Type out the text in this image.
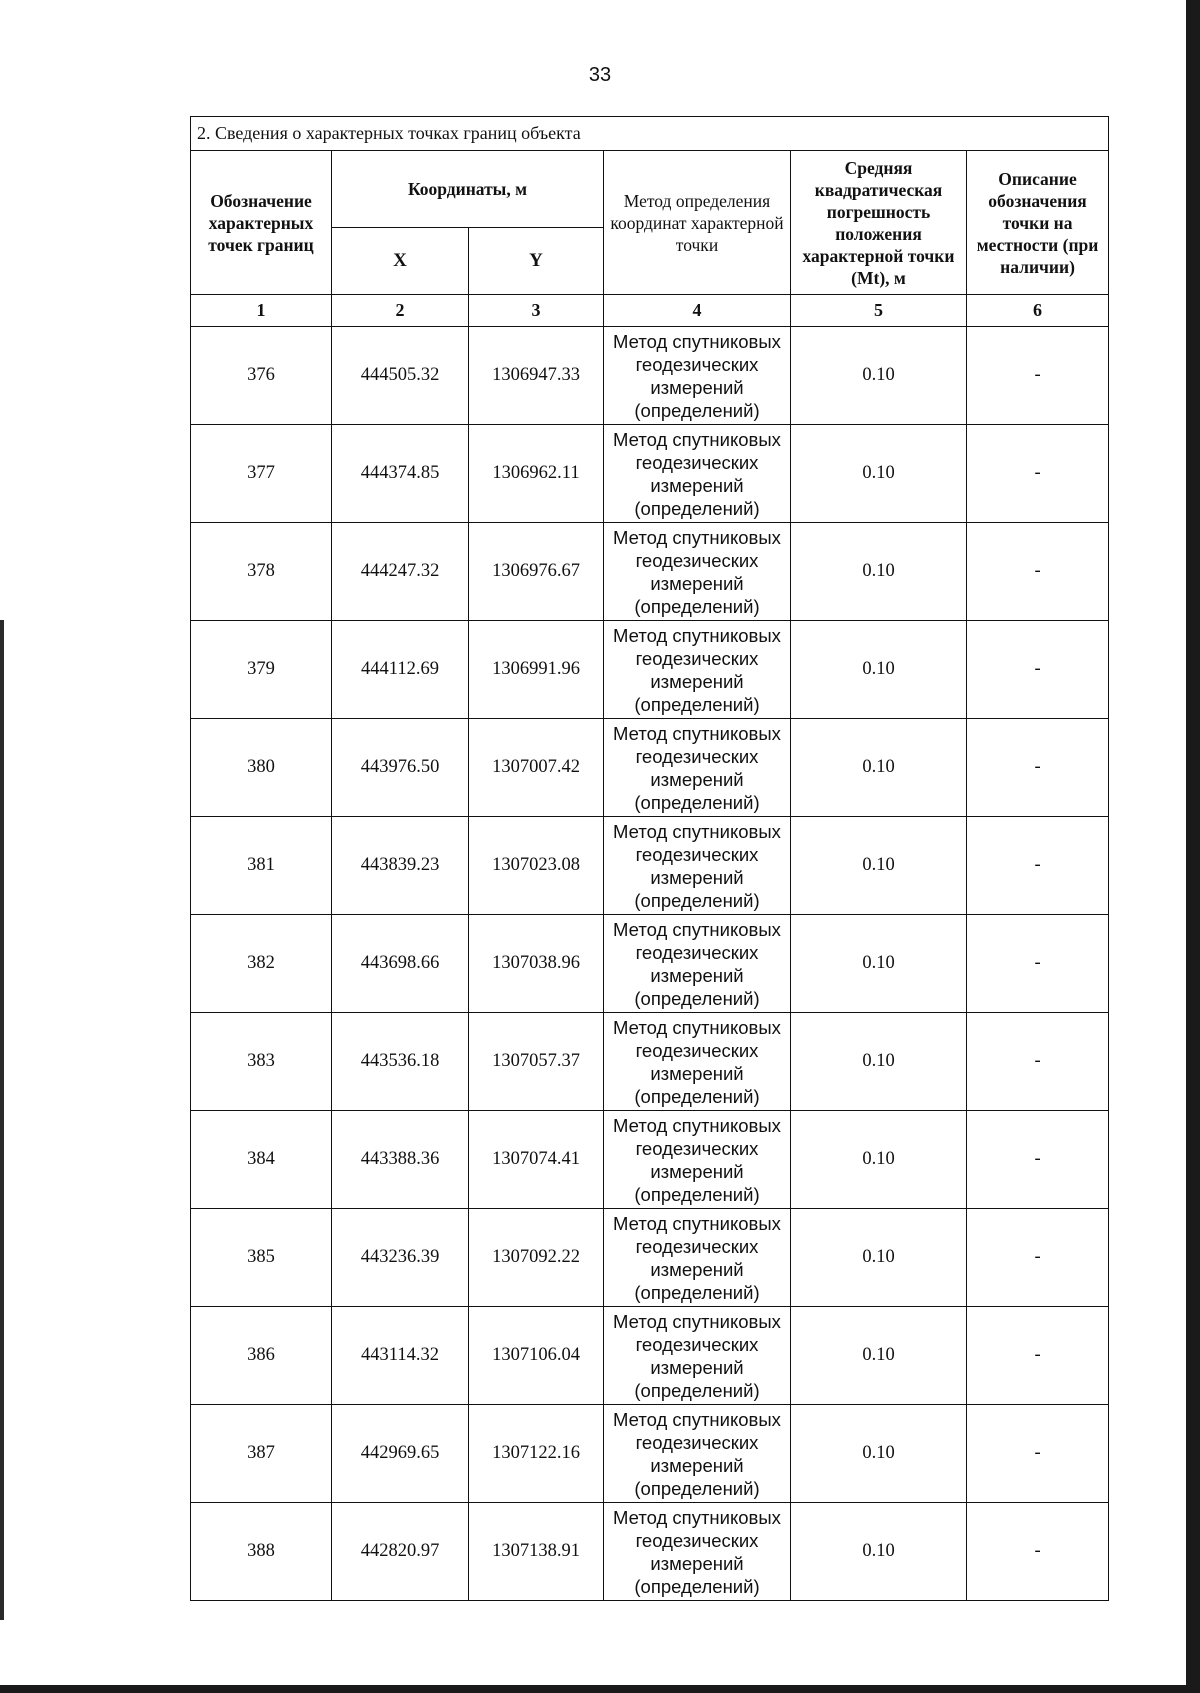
33
2. Сведения о характерных точках границ объекта					
Обозначение характерных точек границ	Координаты, м		Метод определения координат характерной точки	Средняя квадратическая погрешность положения характерной точки (Mt), м	Описание обозначения точки на местности (при наличии)
	X	Y			
1	2	3	4	5	6
376	444505.32	1306947.33	Метод спутниковых геодезических измерений (определений)	0.10	-
377	444374.85	1306962.11	Метод спутниковых геодезических измерений (определений)	0.10	-
378	444247.32	1306976.67	Метод спутниковых геодезических измерений (определений)	0.10	-
379	444112.69	1306991.96	Метод спутниковых геодезических измерений (определений)	0.10	-
380	443976.50	1307007.42	Метод спутниковых геодезических измерений (определений)	0.10	-
381	443839.23	1307023.08	Метод спутниковых геодезических измерений (определений)	0.10	-
382	443698.66	1307038.96	Метод спутниковых геодезических измерений (определений)	0.10	-
383	443536.18	1307057.37	Метод спутниковых геодезических измерений (определений)	0.10	-
384	443388.36	1307074.41	Метод спутниковых геодезических измерений (определений)	0.10	-
385	443236.39	1307092.22	Метод спутниковых геодезических измерений (определений)	0.10	-
386	443114.32	1307106.04	Метод спутниковых геодезических измерений (определений)	0.10	-
387	442969.65	1307122.16	Метод спутниковых геодезических измерений (определений)	0.10	-
388	442820.97	1307138.91	Метод спутниковых геодезических измерений (определений)	0.10	-
